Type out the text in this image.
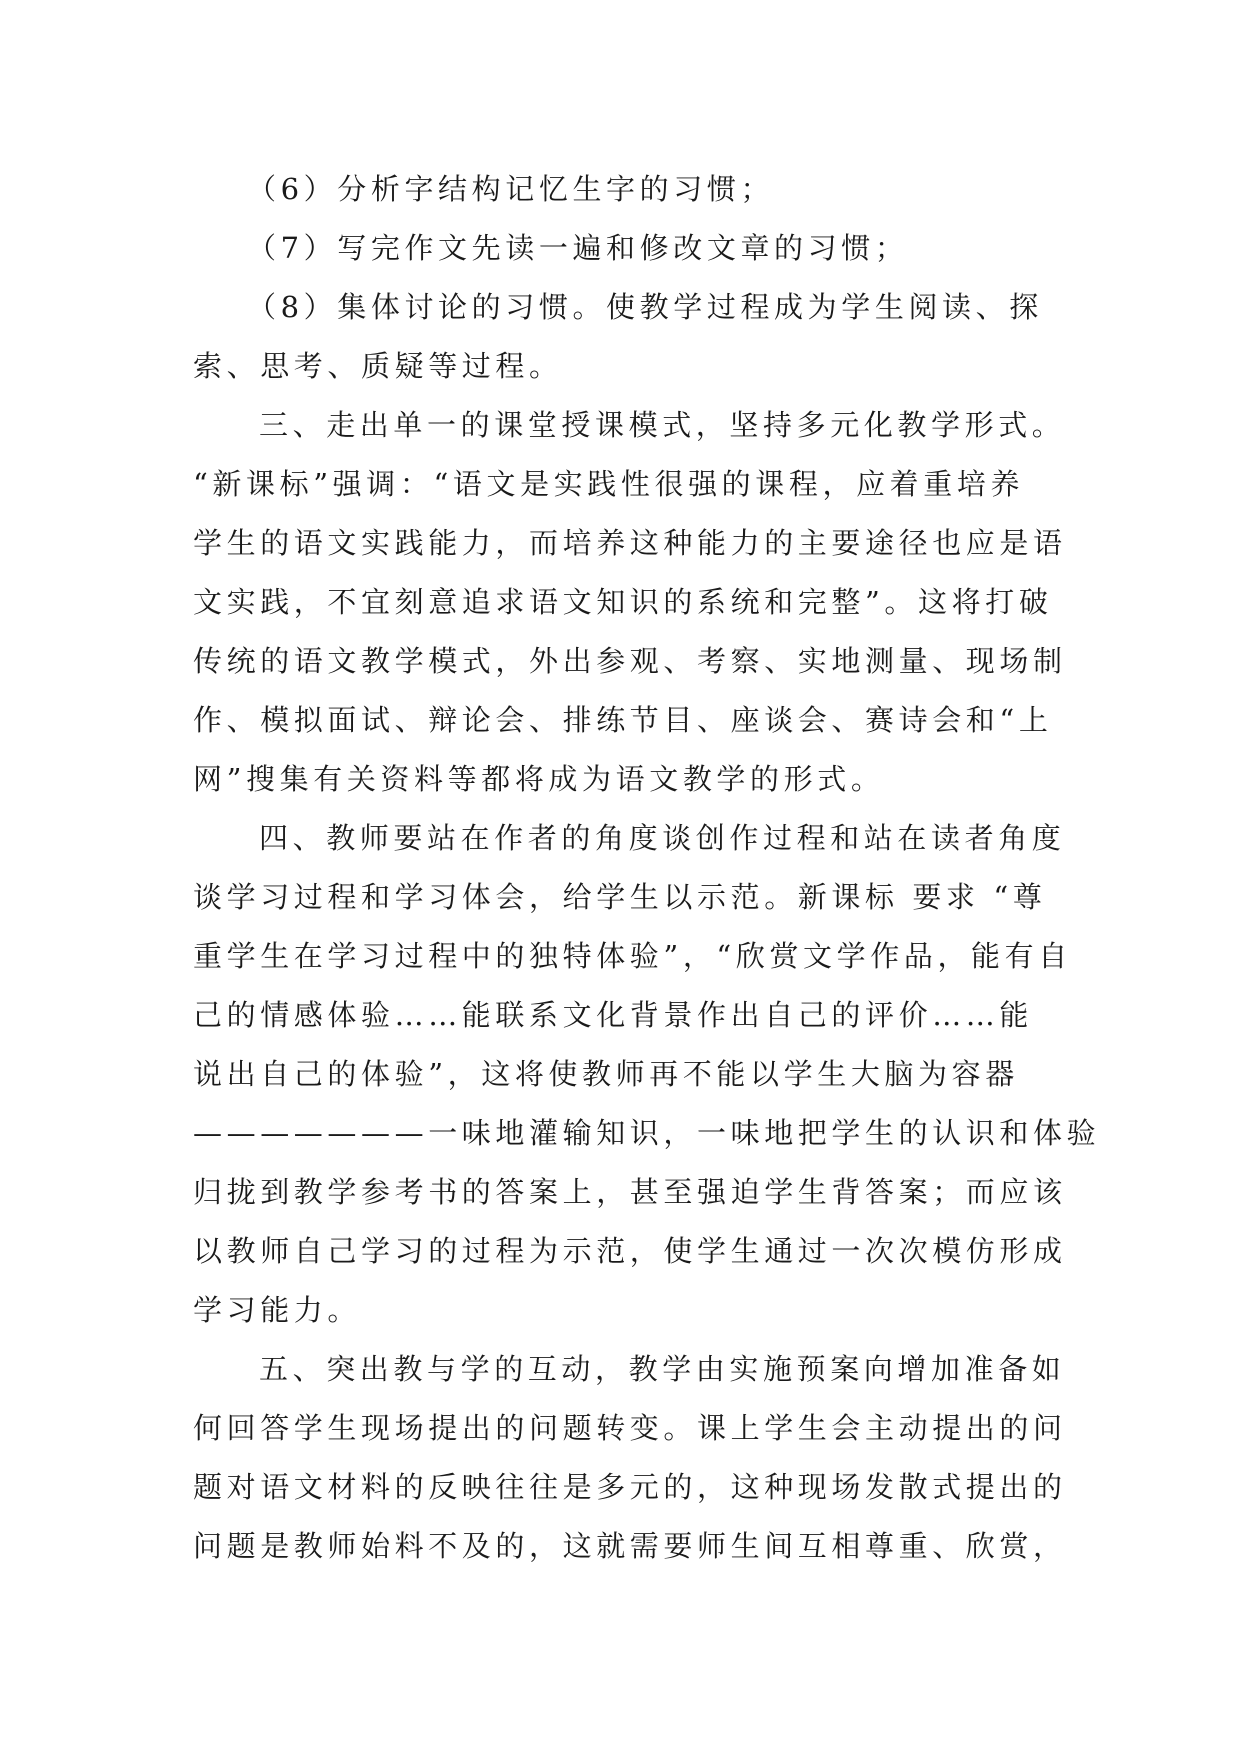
（6）分析字结构记忆生字的习惯；
（7）写完作文先读一遍和修改文章的习惯；
（8）集体讨论的习惯。使教学过程成为学生阅读、探
索、思考、质疑等过程。
三、走出单一的课堂授课模式，坚持多元化教学形式。
“新课标”强调：“语文是实践性很强的课程，应着重培养
学生的语文实践能力，而培养这种能力的主要途径也应是语
文实践，不宜刻意追求语文知识的系统和完整”。这将打破
传统的语文教学模式，外出参观、考察、实地测量、现场制
作、模拟面试、辩论会、排练节目、座谈会、赛诗会和“上
网”搜集有关资料等都将成为语文教学的形式。
四、教师要站在作者的角度谈创作过程和站在读者角度
谈学习过程和学习体会，给学生以示范。新课标 要求 “尊
重学生在学习过程中的独特体验”，“欣赏文学作品，能有自
己的情感体验……能联系文化背景作出自己的评价……能
说出自己的体验”，这将使教师再不能以学生大脑为容器
———————一味地灌输知识，一味地把学生的认识和体验
归拢到教学参考书的答案上，甚至强迫学生背答案；而应该
以教师自己学习的过程为示范，使学生通过一次次模仿形成
学习能力。
五、突出教与学的互动，教学由实施预案向增加准备如
何回答学生现场提出的问题转变。课上学生会主动提出的问
题对语文材料的反映往往是多元的，这种现场发散式提出的
问题是教师始料不及的，这就需要师生间互相尊重、欣赏，
